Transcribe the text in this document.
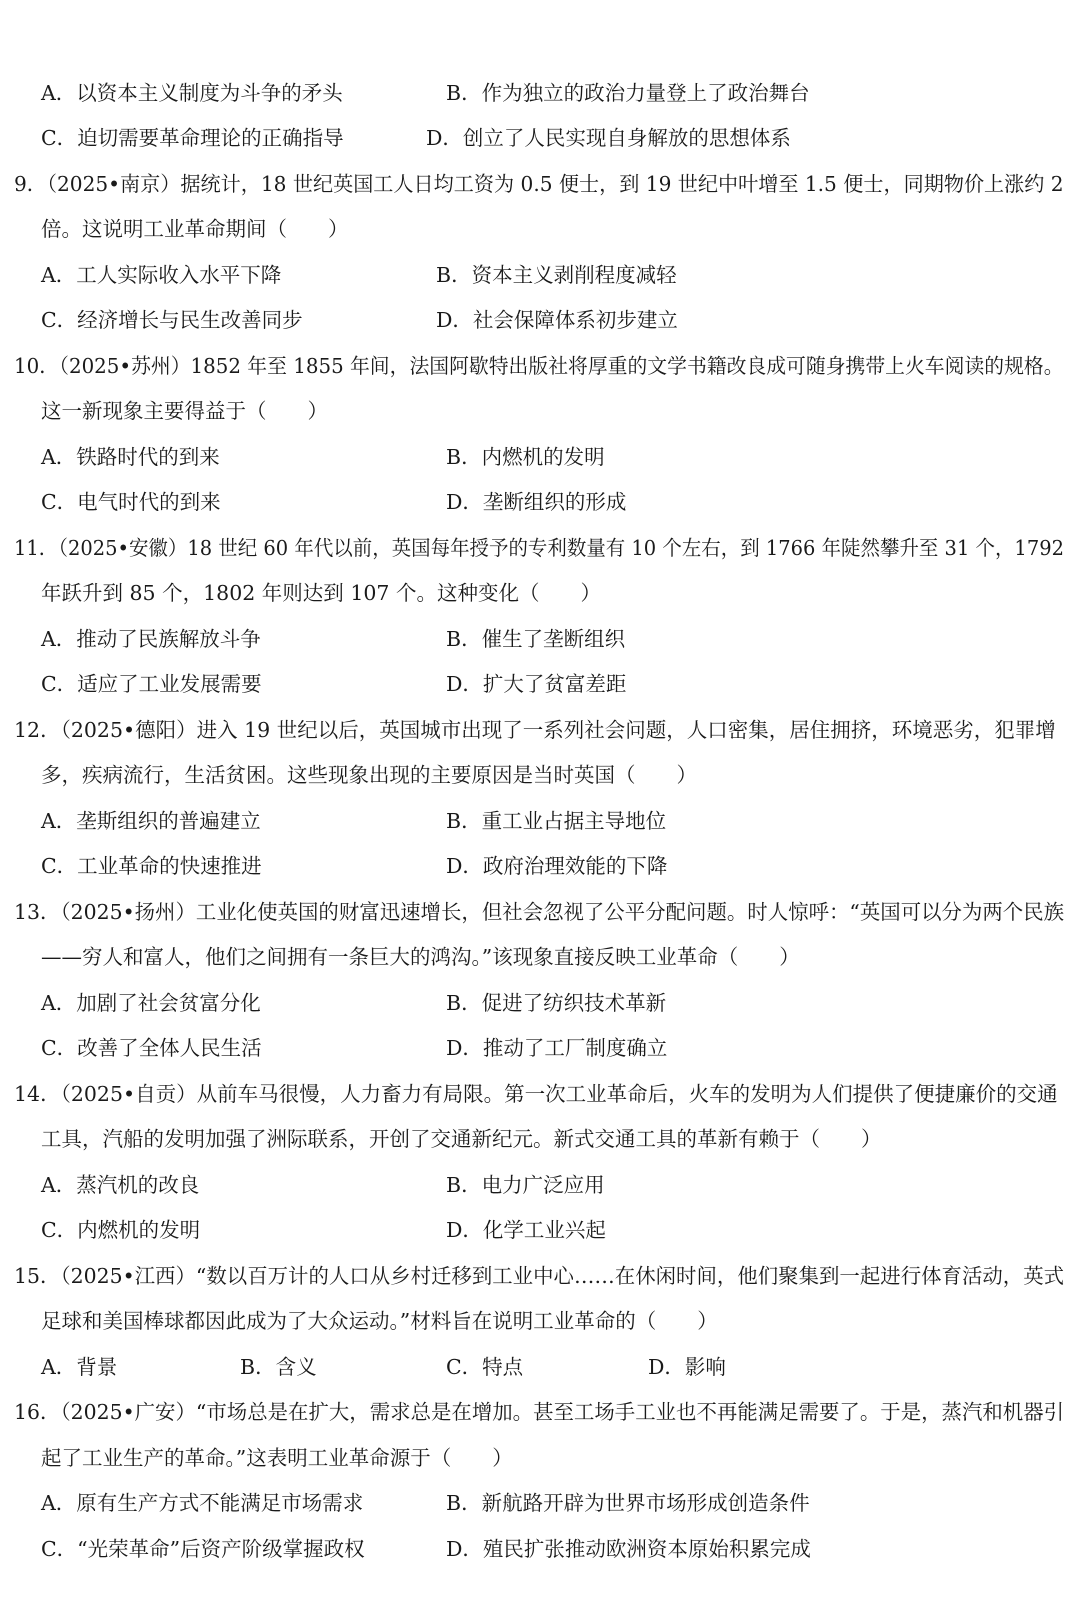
A．以资本主义制度为斗争的矛头	B．作为独立的政治力量登上了政治舞台
C．迫切需要革命理论的正确指导	D．创立了人民实现自身解放的思想体系
9．（2025•南京）据统计，18 世纪英国工人日均工资为 0.5 便士，到 19 世纪中叶增至 1.5 便士，同期物价上涨约 2
倍。这说明工业革命期间（　　）
A．工人实际收入水平下降	B．资本主义剥削程度减轻
C．经济增长与民生改善同步	D．社会保障体系初步建立
10．（2025•苏州）1852 年至 1855 年间，法国阿歇特出版社将厚重的文学书籍改良成可随身携带上火车阅读的规格。
这一新现象主要得益于（　　）
A．铁路时代的到来	B．内燃机的发明
C．电气时代的到来	D．垄断组织的形成
11．（2025•安徽）18 世纪 60 年代以前，英国每年授予的专利数量有 10 个左右，到 1766 年陡然攀升至 31 个，1792
年跃升到 85 个，1802 年则达到 107 个。这种变化（　　）
A．推动了民族解放斗争	B．催生了垄断组织
C．适应了工业发展需要	D．扩大了贫富差距
12．（2025•德阳）进入 19 世纪以后，英国城市出现了一系列社会问题，人口密集，居住拥挤，环境恶劣，犯罪增
多，疾病流行，生活贫困。这些现象出现的主要原因是当时英国（　　）
A．垄斯组织的普遍建立	B．重工业占据主导地位
C．工业革命的快速推进	D．政府治理效能的下降
13．（2025•扬州）工业化使英国的财富迅速增长，但社会忽视了公平分配问题。时人惊呼：“英国可以分为两个民族
——穷人和富人，他们之间拥有一条巨大的鸿沟。”该现象直接反映工业革命（　　）
A．加剧了社会贫富分化	B．促进了纺织技术革新
C．改善了全体人民生活	D．推动了工厂制度确立
14．（2025•自贡）从前车马很慢，人力畜力有局限。第一次工业革命后，火车的发明为人们提供了便捷廉价的交通
工具，汽船的发明加强了洲际联系，开创了交通新纪元。新式交通工具的革新有赖于（　　）
A．蒸汽机的改良	B．电力广泛应用
C．内燃机的发明	D．化学工业兴起
15．（2025•江西）“数以百万计的人口从乡村迁移到工业中心……在休闲时间，他们聚集到一起进行体育活动，英式
足球和美国棒球都因此成为了大众运动。”材料旨在说明工业革命的（　　）
A．背景	B．含义	C．特点	D．影响
16．（2025•广安）“市场总是在扩大，需求总是在增加。甚至工场手工业也不再能满足需要了。于是，蒸汽和机器引
起了工业生产的革命。”这表明工业革命源于（　　）
A．原有生产方式不能满足市场需求	B．新航路开辟为世界市场形成创造条件
C．“光荣革命”后资产阶级掌握政权	D．殖民扩张推动欧洲资本原始积累完成
